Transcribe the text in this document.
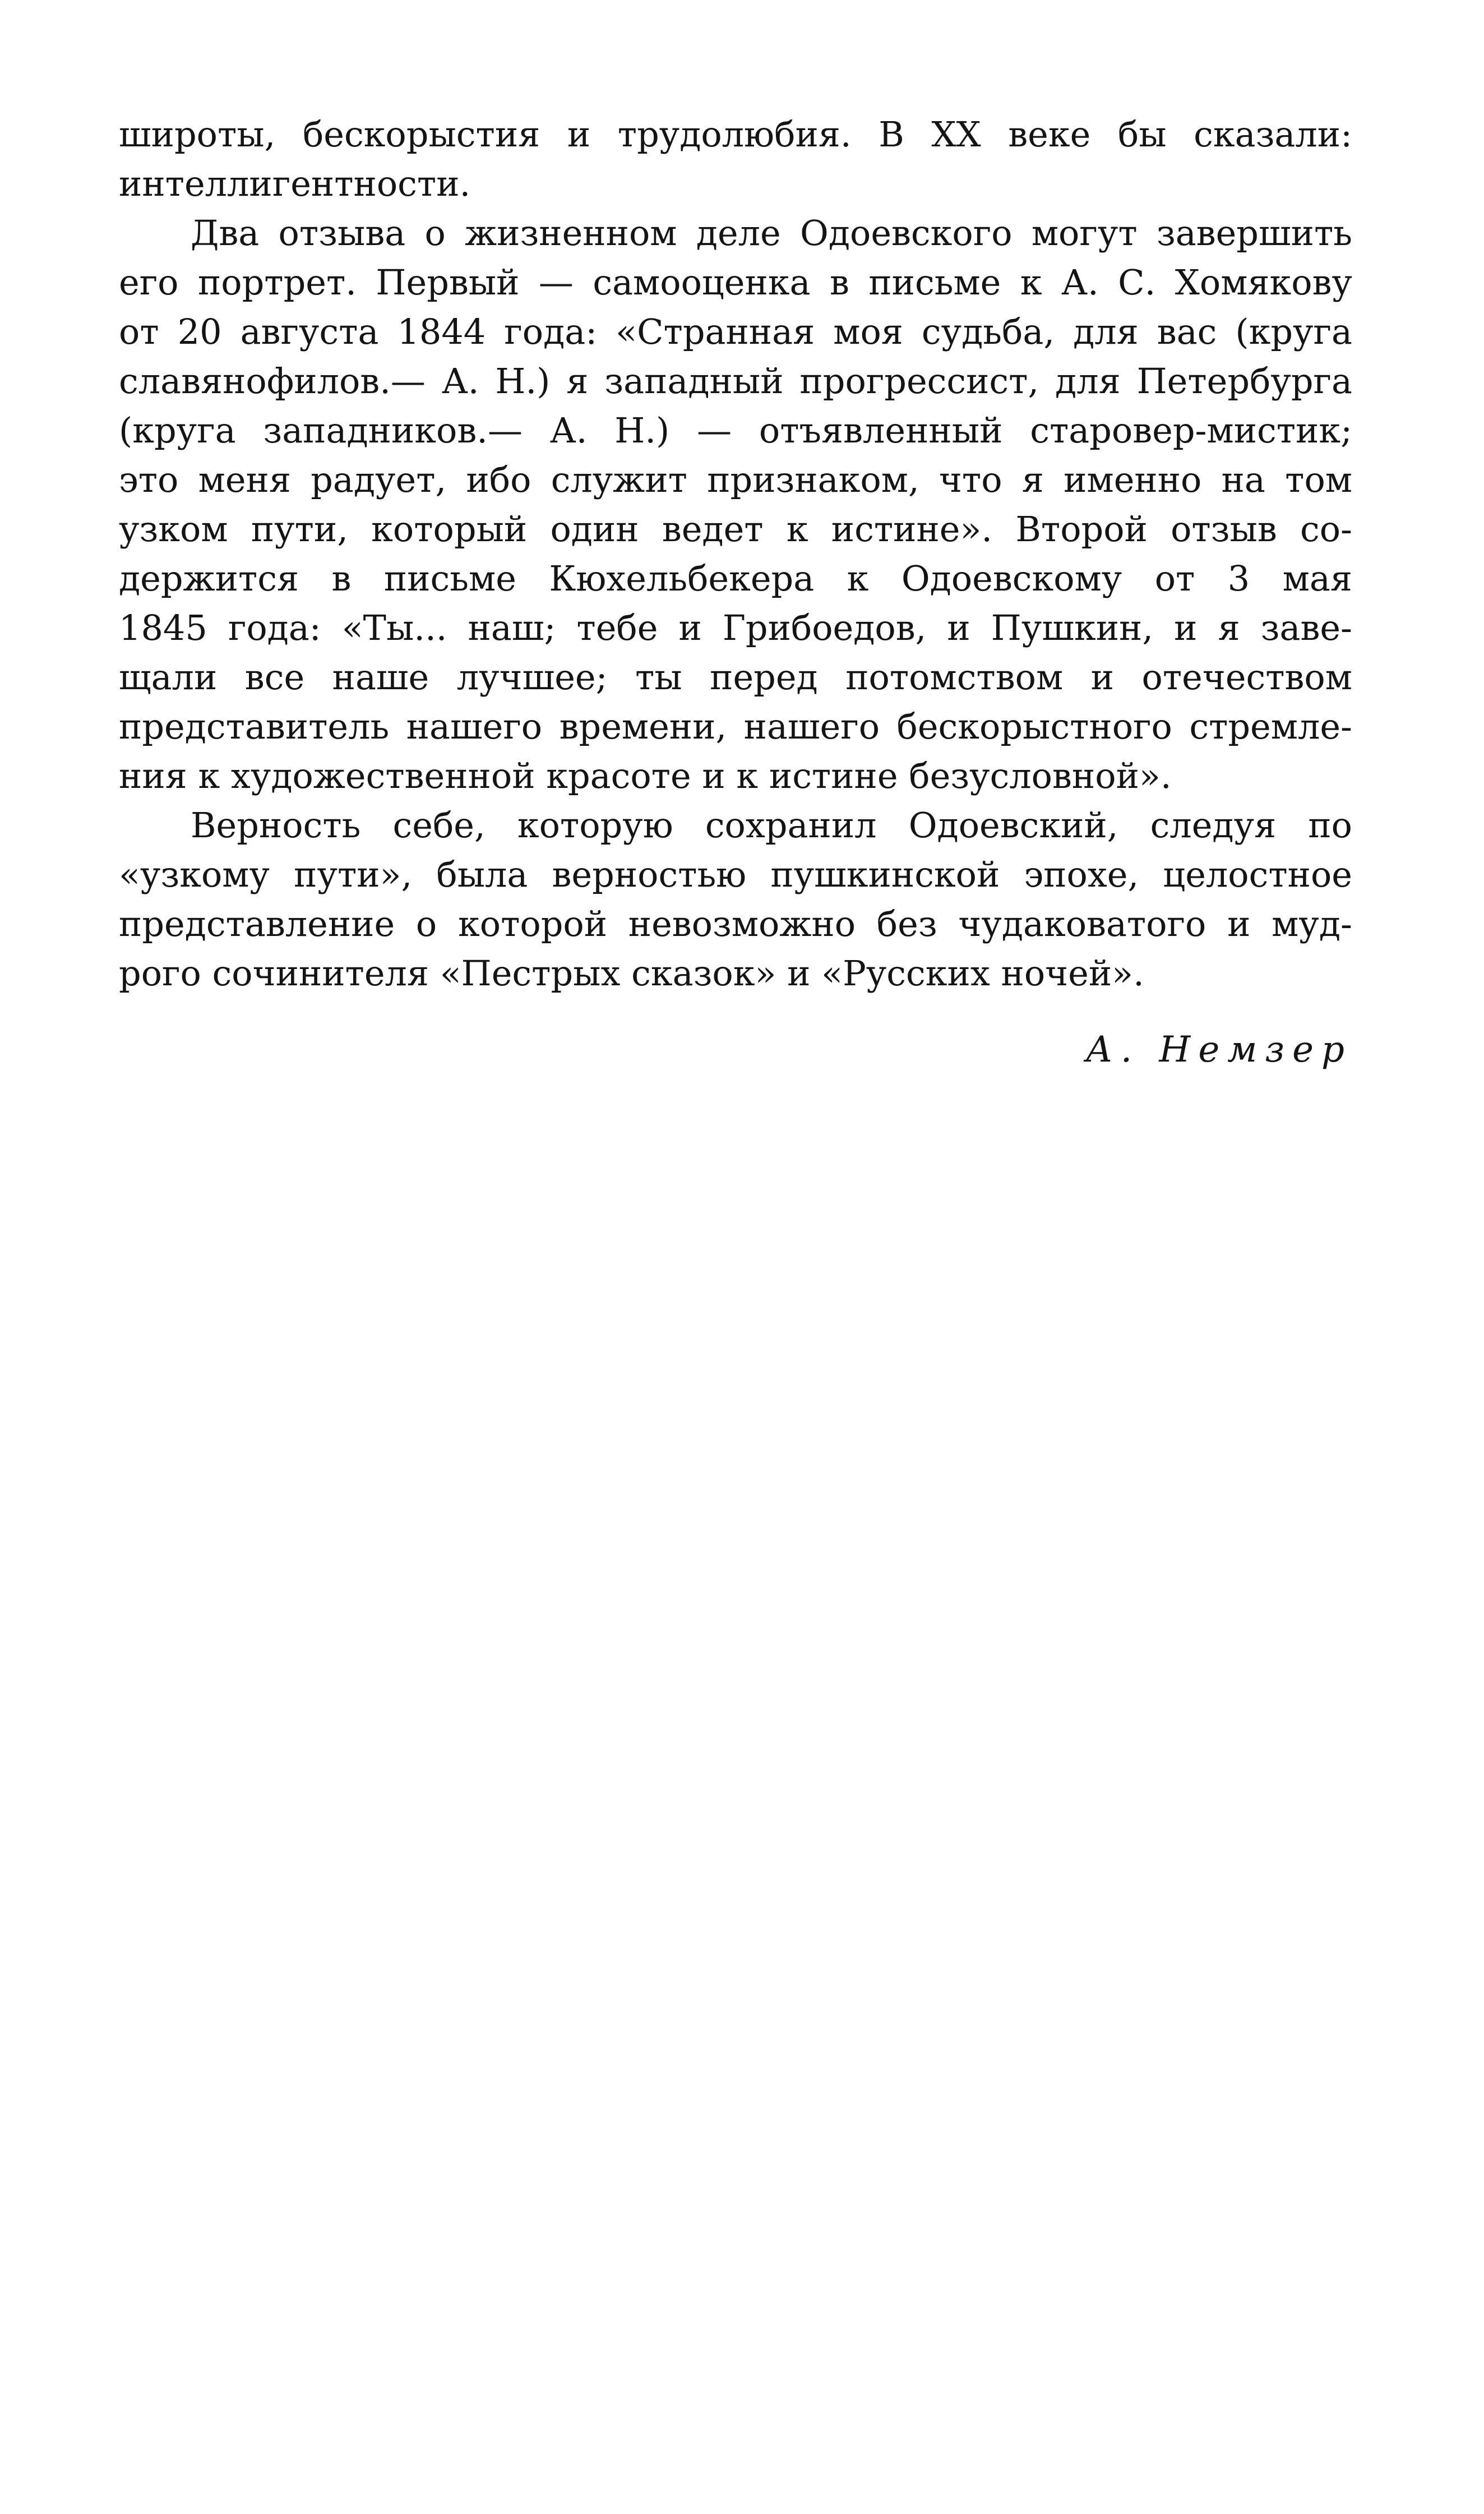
широты, бескорыстия и трудолюбия. В XX веке бы сказали:
интеллигентности.
Два отзыва о жизненном деле Одоевского могут завершить
его портрет. Первый — самооценка в письме к А. С. Хомякову
от 20 августа 1844 года: «Странная моя судьба, для вас (круга
славянофилов.— А. Н.) я западный прогрессист, для Петербурга
(круга западников.— А. Н.) — отъявленный старовер-мистик;
это меня радует, ибо служит признаком, что я именно на том
узком пути, который один ведет к истине». Второй отзыв со-
держится в письме Кюхельбекера к Одоевскому от 3 мая
1845 года: «Ты... наш; тебе и Грибоедов, и Пушкин, и я заве-
щали все наше лучшее; ты перед потомством и отечеством
представитель нашего времени, нашего бескорыстного стремле-
ния к художественной красоте и к истине безусловной».
Верность себе, которую сохранил Одоевский, следуя по
«узкому пути», была верностью пушкинской эпохе, целостное
представление о которой невозможно без чудаковатого и муд-
рого сочинителя «Пестрых сказок» и «Русских ночей».
А. Немзер
